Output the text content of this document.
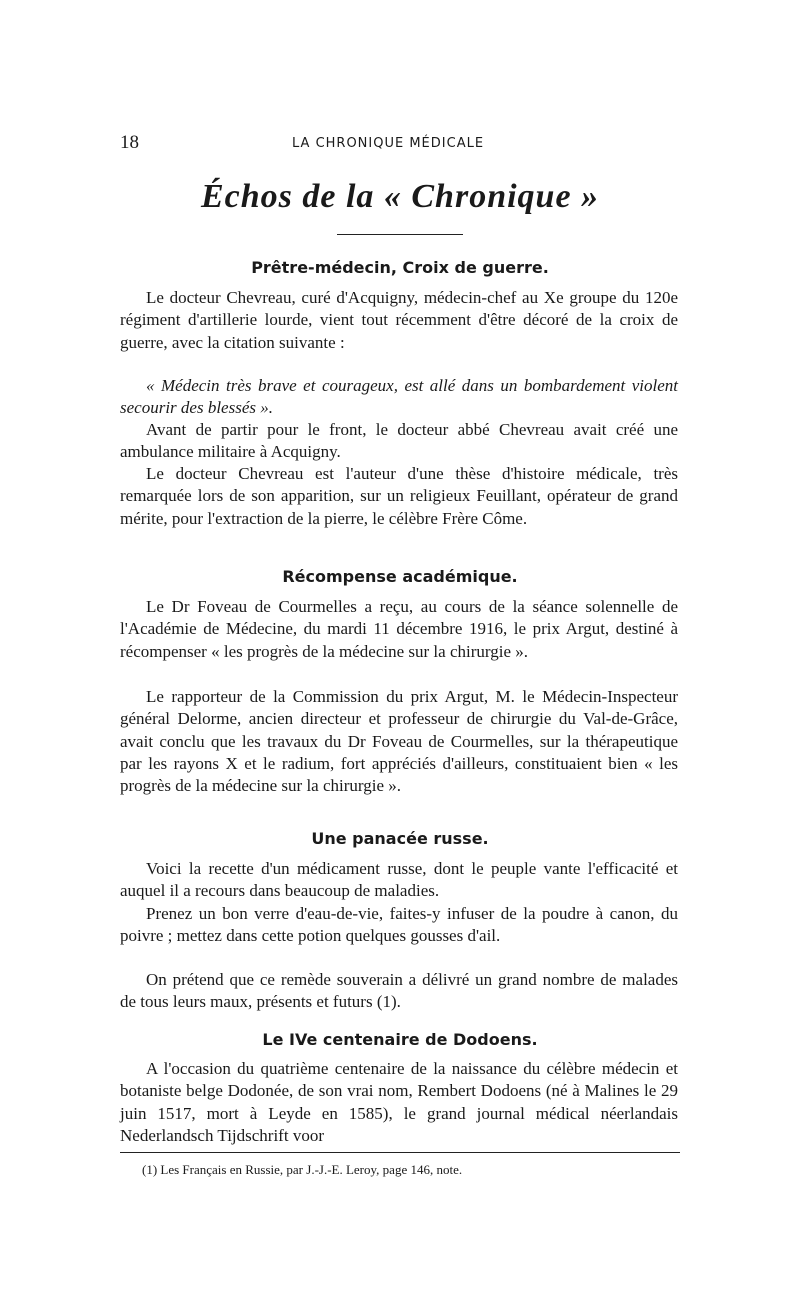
18	LA CHRONIQUE MÉDICALE
Échos de la « Chronique »
Prêtre-médecin, Croix de guerre.

Le docteur Chevreau, curé d'Acquigny, médecin-chef au Xe groupe du 120e régiment d'artillerie lourde, vient tout récemment d'être décoré de la croix de guerre, avec la citation suivante :

« Médecin très brave et courageux, est allé dans un bombardement violent secourir des blessés ».

Avant de partir pour le front, le docteur abbé Chevreau avait créé une ambulance militaire à Acquigny.

Le docteur Chevreau est l'auteur d'une thèse d'histoire médicale, très remarquée lors de son apparition, sur un religieux Feuillant, opérateur de grand mérite, pour l'extraction de la pierre, le célèbre Frère Côme.

Récompense académique.

Le Dr Foveau de Courmelles a reçu, au cours de la séance solennelle de l'Académie de Médecine, du mardi 11 décembre 1916, le prix Argut, destiné à récompenser « les progrès de la médecine sur la chirurgie ».

Le rapporteur de la Commission du prix Argut, M. le Médecin-Inspecteur général Delorme, ancien directeur et professeur de chirurgie du Val-de-Grâce, avait conclu que les travaux du Dr Foveau de Courmelles, sur la thérapeutique par les rayons X et le radium, fort appréciés d'ailleurs, constituaient bien « les progrès de la médecine sur la chirurgie ».

Une panacée russe.

Voici la recette d'un médicament russe, dont le peuple vante l'efficacité et auquel il a recours dans beaucoup de maladies.

Prenez un bon verre d'eau-de-vie, faites-y infuser de la poudre à canon, du poivre ; mettez dans cette potion quelques gousses d'ail.

On prétend que ce remède souverain a délivré un grand nombre de malades de tous leurs maux, présents et futurs (1).

Le IVe centenaire de Dodoens.

A l'occasion du quatrième centenaire de la naissance du célèbre médecin et botaniste belge Dodonée, de son vrai nom, Rembert Dodoens (né à Malines le 29 juin 1517, mort à Leyde en 1585), le grand journal médical néerlandais Nederlandsch Tijdschrift voor

(1) Les Français en Russie, par J.-J.-E. Leroy, page 146, note.
